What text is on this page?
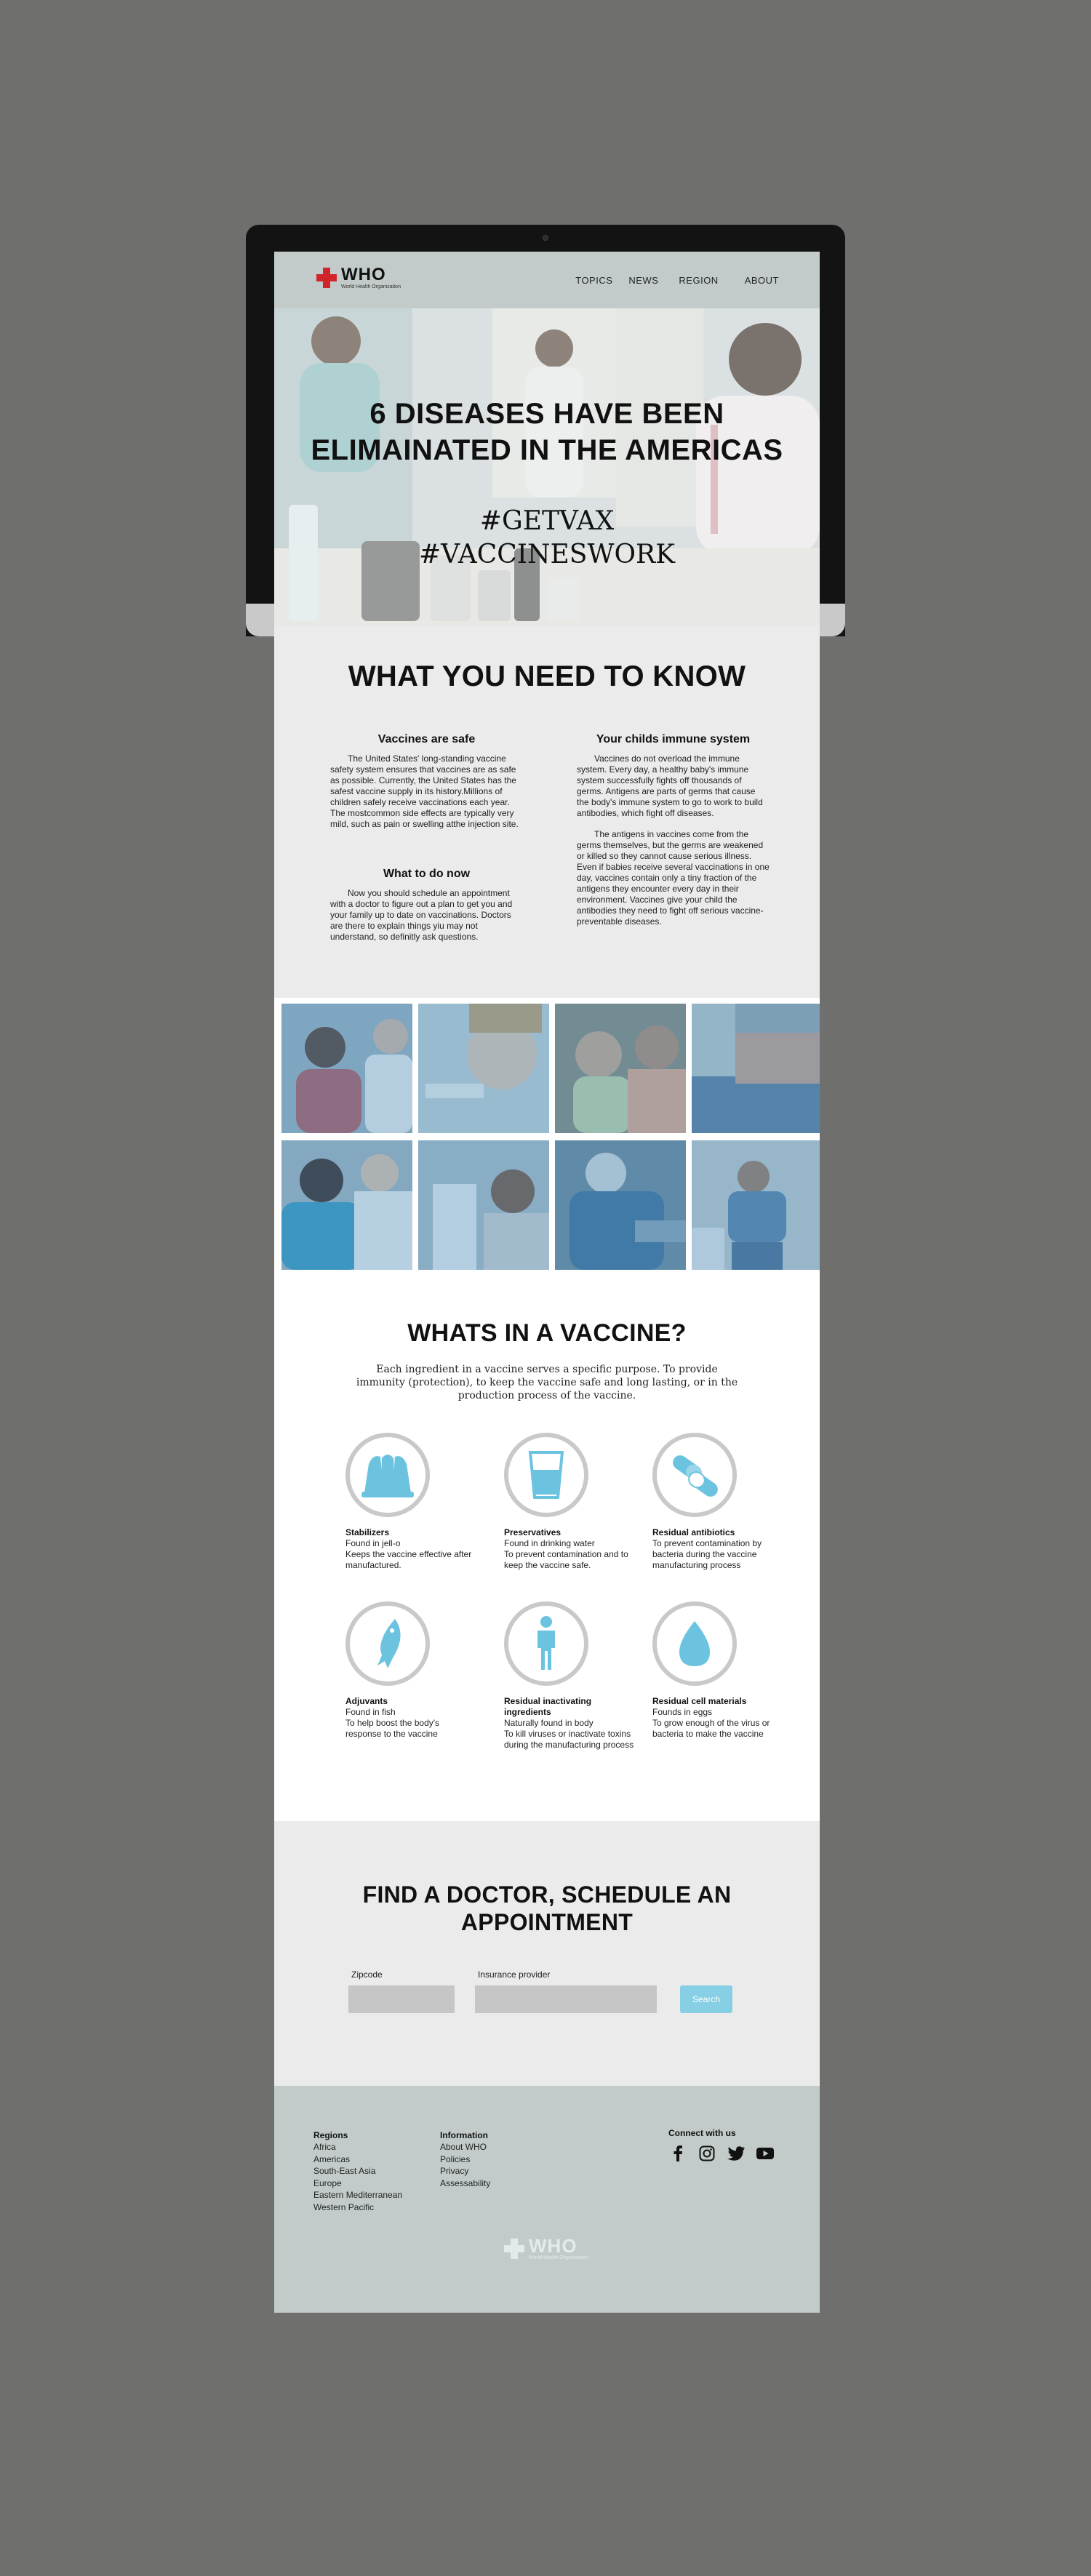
WHO
World Health Organization
TOPICS NEWS REGION	ABOUT
6 DISEASES HAVE BEEN
ELIMAINATED IN THE AMERICAS
#GETVAX
#VACCINESWORK
WHAT YOU NEED TO KNOW
Vaccines are safe

The United States' long-standing vaccine safety system ensures that vaccines are as safe as possible. Currently, the United States has the safest vaccine supply in its history.Millions of children safely receive vaccinations each year. The mostcommon side effects are typically very mild, such as pain or swelling atthe injection site.

What to do now

Now you should schedule an appointment with a doctor to figure out a plan to get you and your family up to date on vaccinations. Doctors are there to explain things yiu may not understand, so definitly ask questions.

Your childs immune system

Vaccines do not overload the immune system. Every day, a healthy baby's immune system successfully fights off thousands of germs. Antigens are parts of germs that cause the body's immune system to go to work to build antibodies, which fight off diseases.

The antigens in vaccines come from the germs themselves, but the germs are weakened or killed so they cannot cause serious illness. Even if babies receive several vaccinations in one day, vaccines contain only a tiny fraction of the antigens they encounter every day in their environment. Vaccines give your child the antibodies they need to fight off serious vaccine-preventable diseases.

WHATS IN A VACCINE?
Each ingredient in a vaccine serves a specific purpose. To provide immunity (protection), to keep the vaccine safe and long lasting, or in the production process of the vaccine.
Stabilizers
Found in jell-o
Keeps the vaccine effective after manufactured.
Preservatives
Found in drinking water
To prevent contamination and to keep the vaccine safe.
Residual antibiotics
To prevent contamination by bacteria during the vaccine manufacturing process
Adjuvants
Found in fish
To help boost the body's response to the vaccine
Residual inactivating ingredients
Naturally found in body
To kill viruses or inactivate toxins during the manufacturing process
Residual cell materials
Founds in eggs
To grow enough of the virus or bacteria to make the vaccine
FIND A DOCTOR, SCHEDULE AN
APPOINTMENT
Zipcode	Insurance provider
Search
Regions
Africa
Americas
South-East Asia
Europe
Eastern Mediterranean
Western Pacific
Information
About WHO
Policies
Privacy
Assessability
Connect with us
WHO
World Health Organization
